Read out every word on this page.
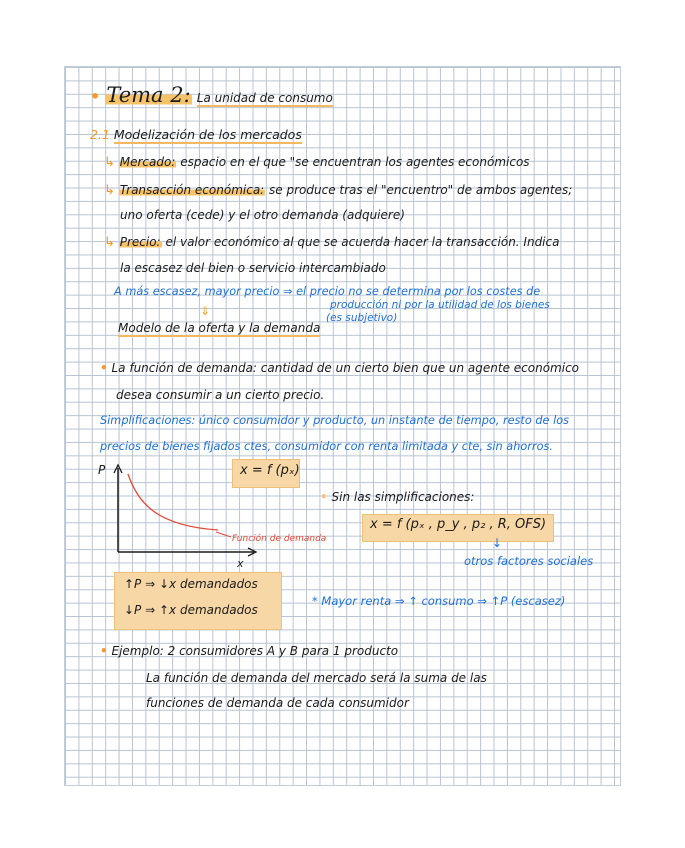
• Tema 2: La unidad de consumo
2.1 Modelización de los mercados
↳ Mercado: espacio en el que "se encuentran los agentes económicos
↳ Transacción económica: se produce tras el "encuentro" de ambos agentes;
uno oferta (cede) y el otro demanda (adquiere)
↳ Precio: el valor económico al que se acuerda hacer la transacción. Indica
la escasez del bien o servicio intercambiado
A más escasez, mayor precio ⇒ el precio no se determina por los costes de
producción ni por la utilidad de los bienes
(es subjetivo)
⇓
Modelo de la oferta y la demanda
• La función de demanda: cantidad de un cierto bien que un agente económico
desea consumir a un cierto precio.
Simplificaciones: único consumidor y producto, un instante de tiempo, resto de los
precios de bienes fijados ctes, consumidor con renta limitada y cte, sin ahorros.
P
x
Función de demanda
x = f (pₓ)
• Sin las simplificaciones:
x = f (pₓ , p_y , p₂ , R, OFS)
↓
otros factores sociales
↑P ⇒ ↓x demandados
↓P ⇒ ↑x demandados
* Mayor renta ⇒ ↑ consumo ⇒ ↑P (escasez)
• Ejemplo: 2 consumidores A y B para 1 producto
La función de demanda del mercado será la suma de las
funciones de demanda de cada consumidor
